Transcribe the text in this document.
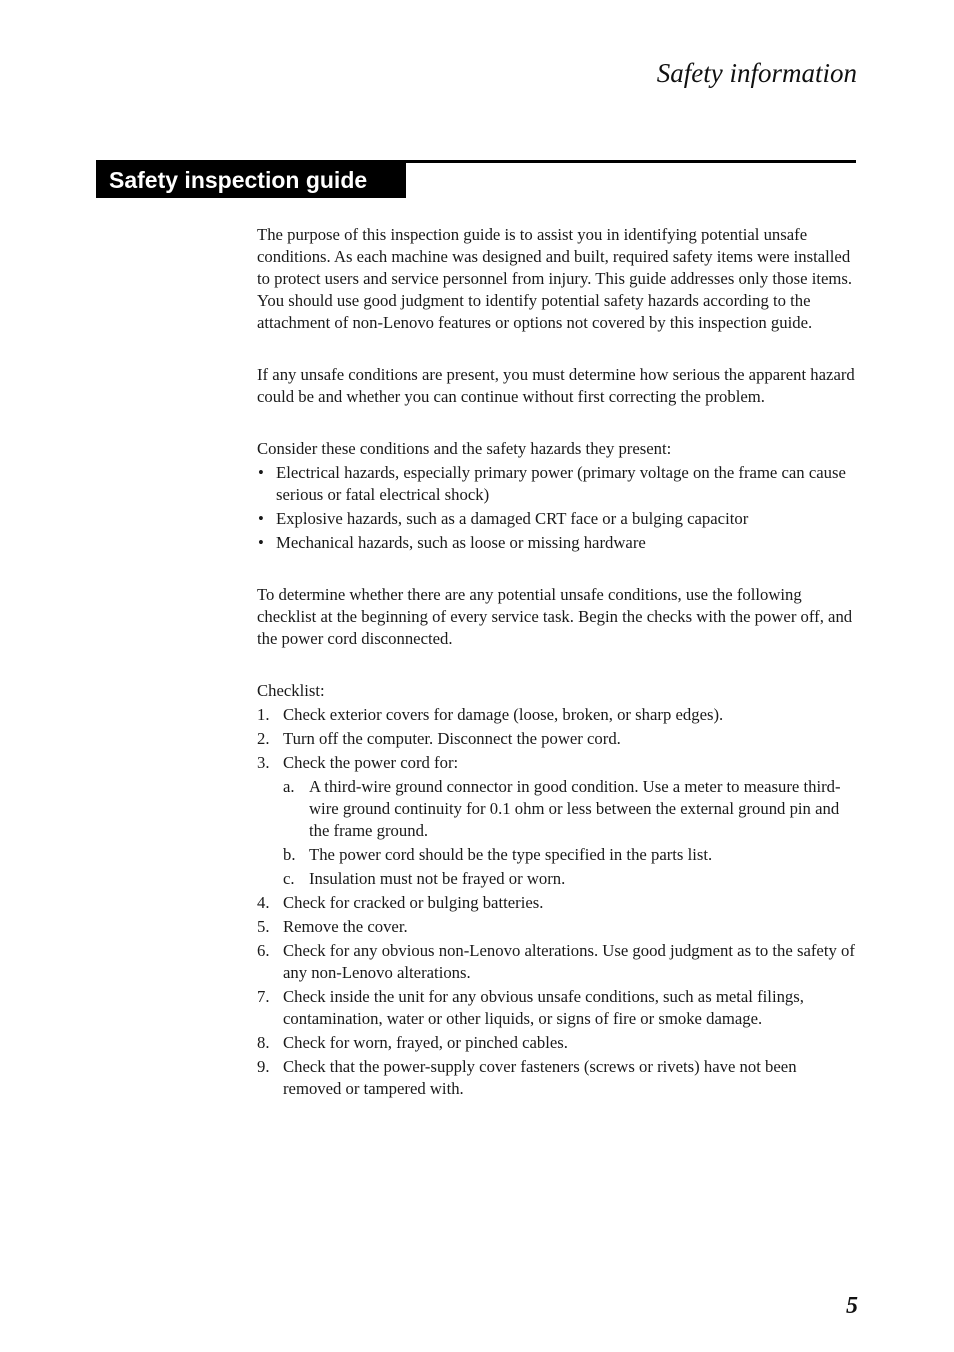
Safety information
Safety inspection guide

The purpose of this inspection guide is to assist you in identifying potential unsafe conditions. As each machine was designed and built, required safety items were installed to protect users and service personnel from injury. This guide addresses only those items. You should use good judgment to identify potential safety hazards according to the attachment of non-Lenovo features or options not covered by this inspection guide.

If any unsafe conditions are present, you must determine how serious the apparent hazard could be and whether you can continue without first correcting the problem.

Consider these conditions and the safety hazards they present:

• Electrical hazards, especially primary power (primary voltage on the frame can cause serious or fatal electrical shock)
• Explosive hazards, such as a damaged CRT face or a bulging capacitor
• Mechanical hazards, such as loose or missing hardware

To determine whether there are any potential unsafe conditions, use the following checklist at the beginning of every service task. Begin the checks with the power off, and the power cord disconnected.

Checklist:

1. Check exterior covers for damage (loose, broken, or sharp edges).
2. Turn off the computer. Disconnect the power cord.
3. Check the power cord for:
a. A third-wire ground connector in good condition. Use a meter to measure third-wire ground continuity for 0.1 ohm or less between the external ground pin and the frame ground.
b. The power cord should be the type specified in the parts list.
c. Insulation must not be frayed or worn.
4. Check for cracked or bulging batteries.
5. Remove the cover.
6. Check for any obvious non-Lenovo alterations. Use good judgment as to the safety of any non-Lenovo alterations.
7. Check inside the unit for any obvious unsafe conditions, such as metal filings, contamination, water or other liquids, or signs of fire or smoke damage.
8. Check for worn, frayed, or pinched cables.
9. Check that the power-supply cover fasteners (screws or rivets) have not been removed or tampered with.
5
